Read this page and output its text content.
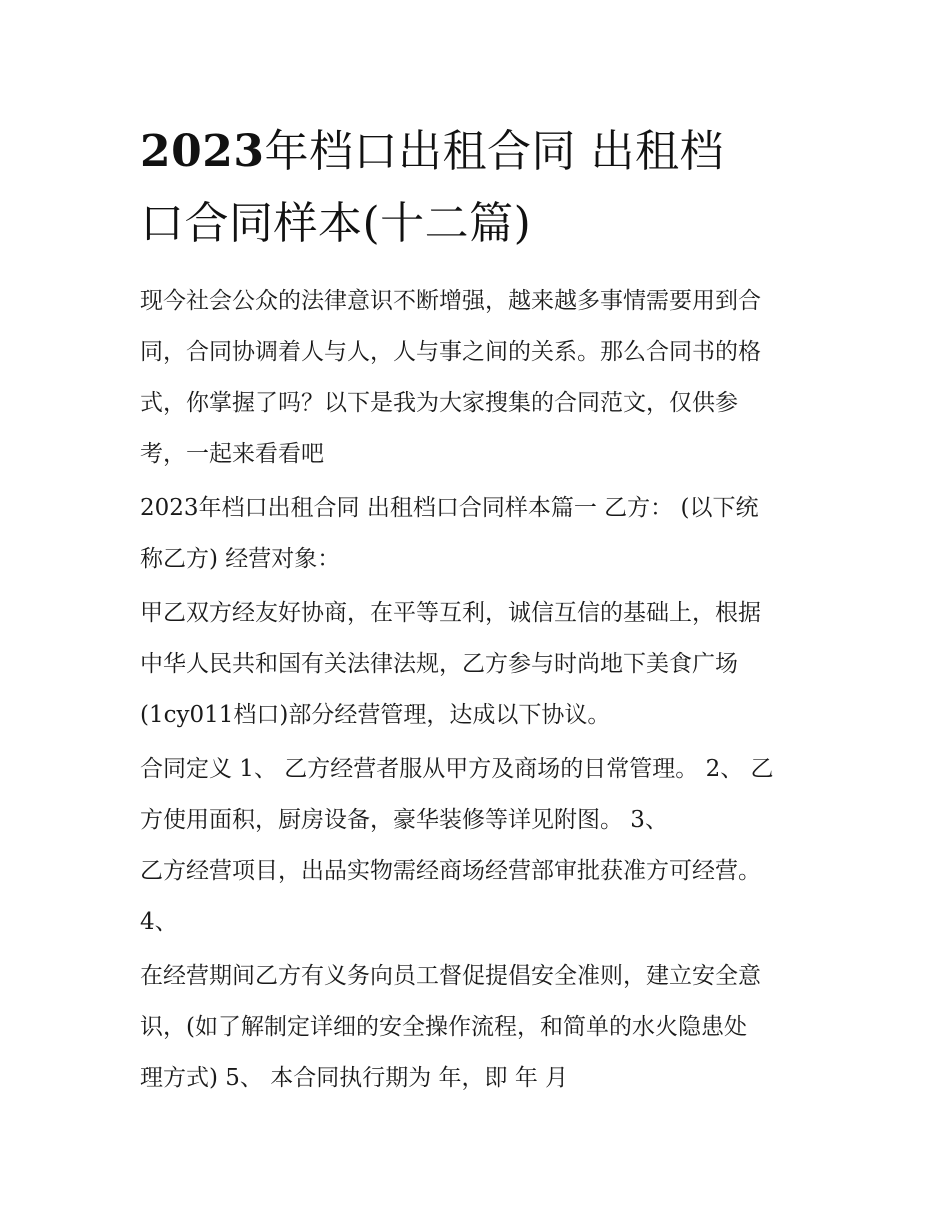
2023年档口出租合同 出租档
口合同样本(十二篇)

现今社会公众的法律意识不断增强，越来越多事情需要用到合
同，合同协调着人与人，人与事之间的关系。那么合同书的格
式，你掌握了吗？以下是我为大家搜集的合同范文，仅供参
考，一起来看看吧

2023年档口出租合同 出租档口合同样本篇一 乙方： (以下统
称乙方) 经营对象：

甲乙双方经友好协商，在平等互利，诚信互信的基础上，根据
中华人民共和国有关法律法规，乙方参与时尚地下美食广场
(1cy011档口)部分经营管理，达成以下协议。

合同定义 1、 乙方经营者服从甲方及商场的日常管理。 2、 乙
方使用面积，厨房设备，豪华装修等详见附图。 3、
乙方经营项目，出品实物需经商场经营部审批获准方可经营。
4、

在经营期间乙方有义务向员工督促提倡安全准则，建立安全意
识，(如了解制定详细的安全操作流程，和简单的水火隐患处
理方式) 5、 本合同执行期为 年，即 年 月
